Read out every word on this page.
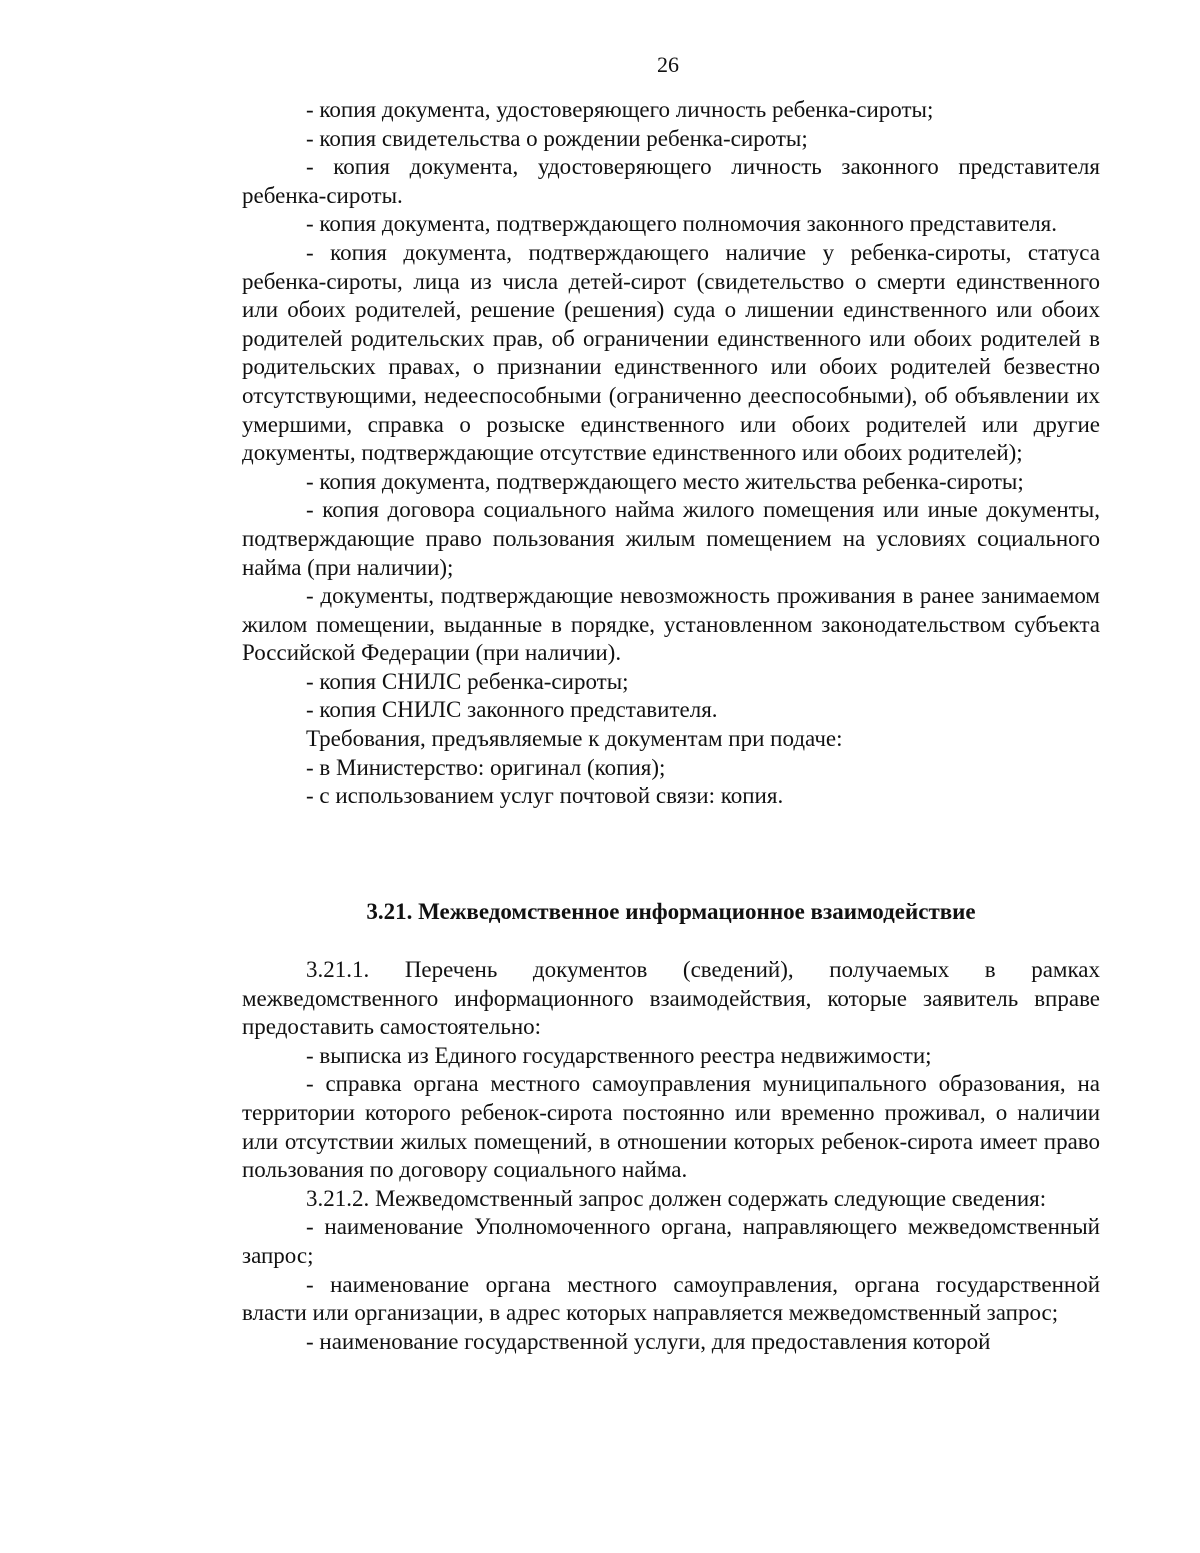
26

- копия документа, удостоверяющего личность ребенка-сироты;

- копия свидетельства о рождении ребенка-сироты;

- копия документа, удостоверяющего личность законного представителя ребенка-сироты.

- копия документа, подтверждающего полномочия законного представителя.

- копия документа, подтверждающего наличие у ребенка-сироты, статуса ребенка-сироты, лица из числа детей-сирот (свидетельство о смерти единственного или обоих родителей, решение (решения) суда о лишении единственного или обоих родителей родительских прав, об ограничении единственного или обоих родителей в родительских правах, о признании единственного или обоих родителей безвестно отсутствующими, недееспособными (ограниченно дееспособными), об объявлении их умершими, справка о розыске единственного или обоих родителей или другие документы, подтверждающие отсутствие единственного или обоих родителей);

- копия документа, подтверждающего место жительства ребенка-сироты;

- копия договора социального найма жилого помещения или иные документы, подтверждающие право пользования жилым помещением на условиях социального найма (при наличии);

- документы, подтверждающие невозможность проживания в ранее занимаемом жилом помещении, выданные в порядке, установленном законодательством субъекта Российской Федерации (при наличии).

- копия СНИЛС ребенка-сироты;

- копия СНИЛС законного представителя.

Требования, предъявляемые к документам при подаче:

- в Министерство: оригинал (копия);

- с использованием услуг почтовой связи: копия.

3.21. Межведомственное информационное взаимодействие

3.21.1. Перечень документов (сведений), получаемых в рамках межведомственного информационного взаимодействия, которые заявитель вправе предоставить самостоятельно:

- выписка из Единого государственного реестра недвижимости;

- справка органа местного самоуправления муниципального образования, на территории которого ребенок-сирота постоянно или временно проживал, о наличии или отсутствии жилых помещений, в отношении которых ребенок-сирота имеет право пользования по договору социального найма.

3.21.2. Межведомственный запрос должен содержать следующие сведения:

- наименование Уполномоченного органа, направляющего межведомственный запрос;

- наименование органа местного самоуправления, органа государственной власти или организации, в адрес которых направляется межведомственный запрос;

- наименование государственной услуги, для предоставления которой
